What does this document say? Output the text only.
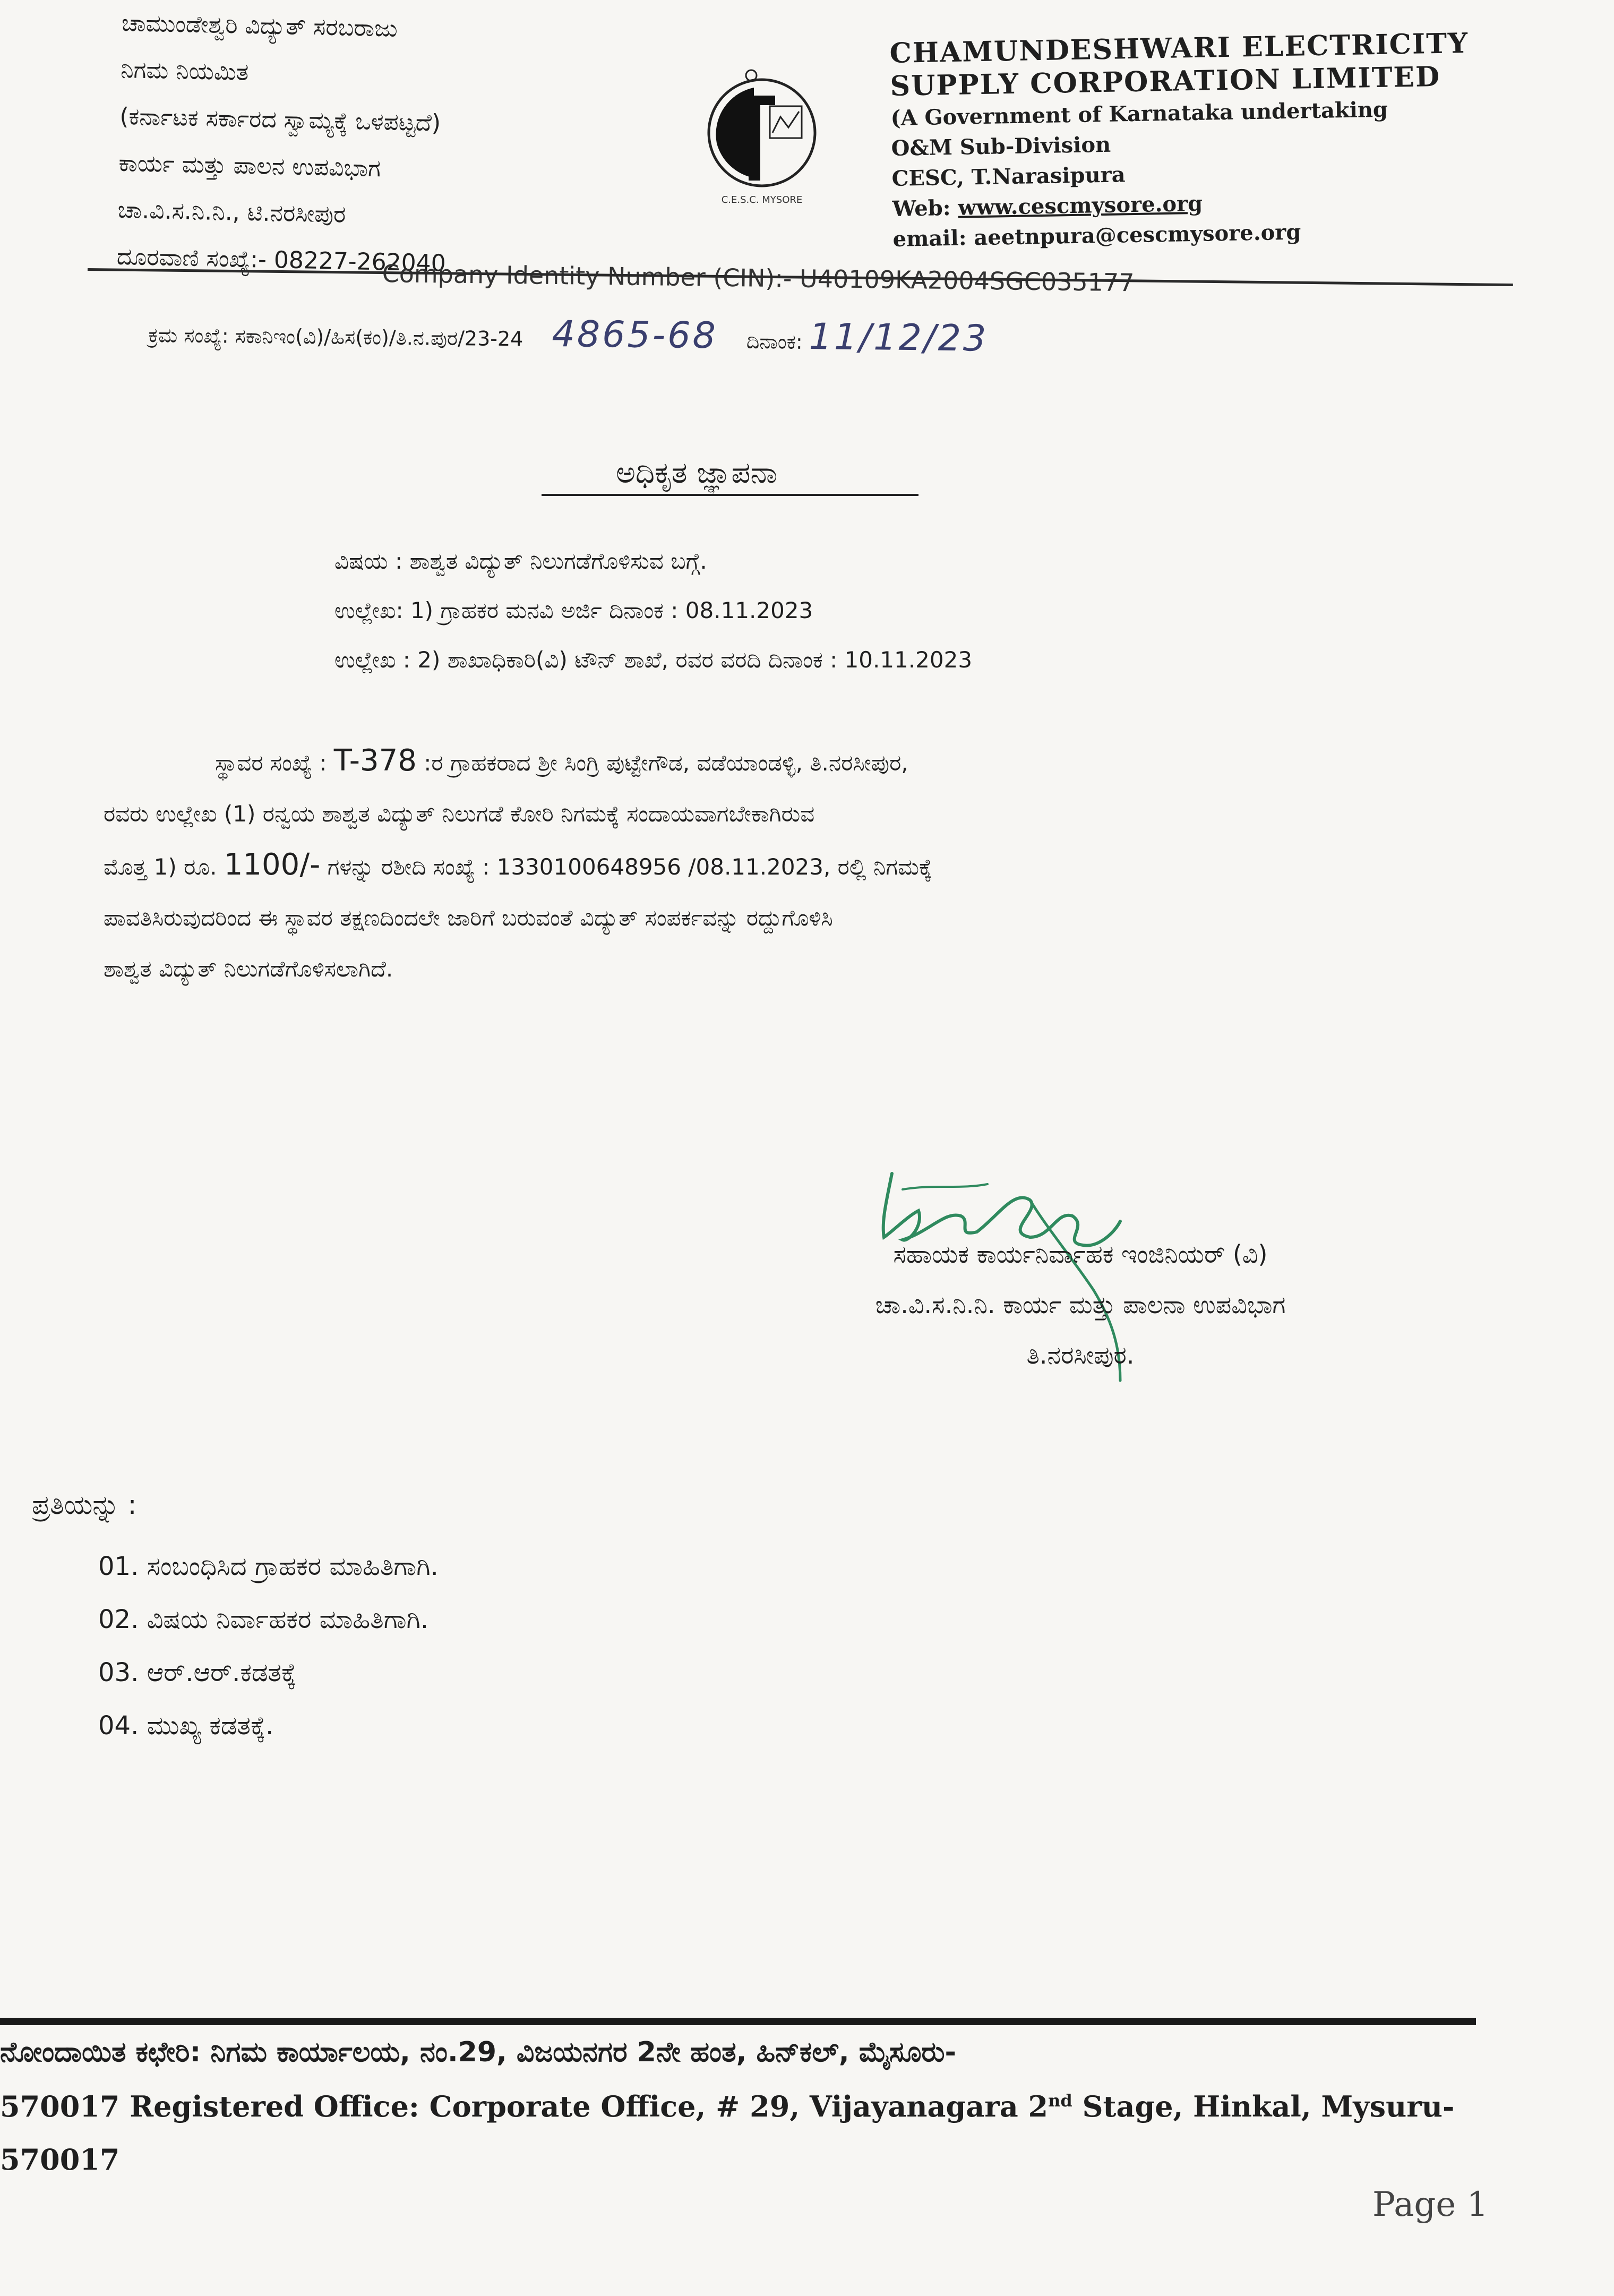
ಚಾಮುಂಡೇಶ್ವರಿ ವಿದ್ಯುತ್ ಸರಬರಾಜು
ನಿಗಮ ನಿಯಮಿತ
(ಕರ್ನಾಟಕ ಸರ್ಕಾರದ ಸ್ವಾಮ್ಯಕ್ಕೆ ಒಳಪಟ್ಟದೆ)
ಕಾರ್ಯ ಮತ್ತು ಪಾಲನ ಉಪವಿಭಾಗ
ಚಾ.ವಿ.ಸ.ನಿ.ನಿ., ಟಿ.ನರಸೀಪುರ
ದೂರವಾಣಿ ಸಂಖ್ಯೆ:- 08227-262040
C.E.S.C. MYSORE
CHAMUNDESHWARI ELECTRICITY
SUPPLY CORPORATION LIMITED
(A Government of Karnataka undertaking
O&M Sub-Division
CESC, T.Narasipura
Web: www.cescmysore.org
email: aeetnpura@cescmysore.org
Company Identity Number (CIN):- U40109KA2004SGC035177
ಕ್ರಮ ಸಂಖ್ಯೆ: ಸಕಾನಿಇಂ(ವಿ)/ಹಿಸ(ಕಂ)/ತಿ.ನ.ಪುರ/23-24 4865-68 ದಿನಾಂಕ: 11/12/23
ಅಧಿಕೃತ ಜ್ಞಾಪನಾ
ವಿಷಯ : ಶಾಶ್ವತ ವಿದ್ಯುತ್ ನಿಲುಗಡೆಗೊಳಿಸುವ ಬಗ್ಗೆ.
ಉಲ್ಲೇಖ: 1) ಗ್ರಾಹಕರ ಮನವಿ ಅರ್ಜಿ ದಿನಾಂಕ : 08.11.2023
ಉಲ್ಲೇಖ : 2) ಶಾಖಾಧಿಕಾರಿ(ವಿ) ಟೌನ್ ಶಾಖೆ, ರವರ ವರದಿ ದಿನಾಂಕ : 10.11.2023
ಸ್ಥಾವರ ಸಂಖ್ಯೆ : T-378 :ರ ಗ್ರಾಹಕರಾದ ಶ್ರೀ ಸಿಂಗ್ರಿ ಪುಟ್ಟೇಗೌಡ, ವಡೆಯಾಂಡಳ್ಳಿ, ತಿ.ನರಸೀಪುರ,
ರವರು ಉಲ್ಲೇಖ (1) ರನ್ವಯ ಶಾಶ್ವತ ವಿದ್ಯುತ್ ನಿಲುಗಡೆ ಕೋರಿ ನಿಗಮಕ್ಕೆ ಸಂದಾಯವಾಗಬೇಕಾಗಿರುವ
ಮೊತ್ತ 1) ರೂ. 1100/- ಗಳನ್ನು ರಶೀದಿ ಸಂಖ್ಯೆ : 1330100648956 /08.11.2023, ರಲ್ಲಿ ನಿಗಮಕ್ಕೆ
ಪಾವತಿಸಿರುವುದರಿಂದ ಈ ಸ್ಥಾವರ ತಕ್ಷಣದಿಂದಲೇ ಜಾರಿಗೆ ಬರುವಂತೆ ವಿದ್ಯುತ್ ಸಂಪರ್ಕವನ್ನು ರದ್ದುಗೊಳಿಸಿ
ಶಾಶ್ವತ ವಿದ್ಯುತ್ ನಿಲುಗಡೆಗೊಳಿಸಲಾಗಿದೆ.
ಸಹಾಯಕ ಕಾರ್ಯನಿರ್ವಾಹಕ ಇಂಜಿನಿಯರ್ (ವಿ)
ಚಾ.ವಿ.ಸ.ನಿ.ನಿ. ಕಾರ್ಯ ಮತ್ತು ಪಾಲನಾ ಉಪವಿಭಾಗ
ತಿ.ನರಸೀಪುರ.
ಪ್ರತಿಯನ್ನು :
01. ಸಂಬಂಧಿಸಿದ ಗ್ರಾಹಕರ ಮಾಹಿತಿಗಾಗಿ.
02. ವಿಷಯ ನಿರ್ವಾಹಕರ ಮಾಹಿತಿಗಾಗಿ.
03. ಆರ್.ಆರ್.ಕಡತಕ್ಕೆ
04. ಮುಖ್ಯ ಕಡತಕ್ಕೆ.
ನೋಂದಾಯಿತ ಕಛೇರಿ: ನಿಗಮ ಕಾರ್ಯಾಲಯ, ನಂ.29, ವಿಜಯನಗರ 2ನೇ ಹಂತ, ಹಿನ್‌ಕಲ್, ಮೈಸೂರು-
570017 Registered Office: Corporate Office, # 29, Vijayanagara 2nd Stage, Hinkal, Mysuru-
570017
Page 1
